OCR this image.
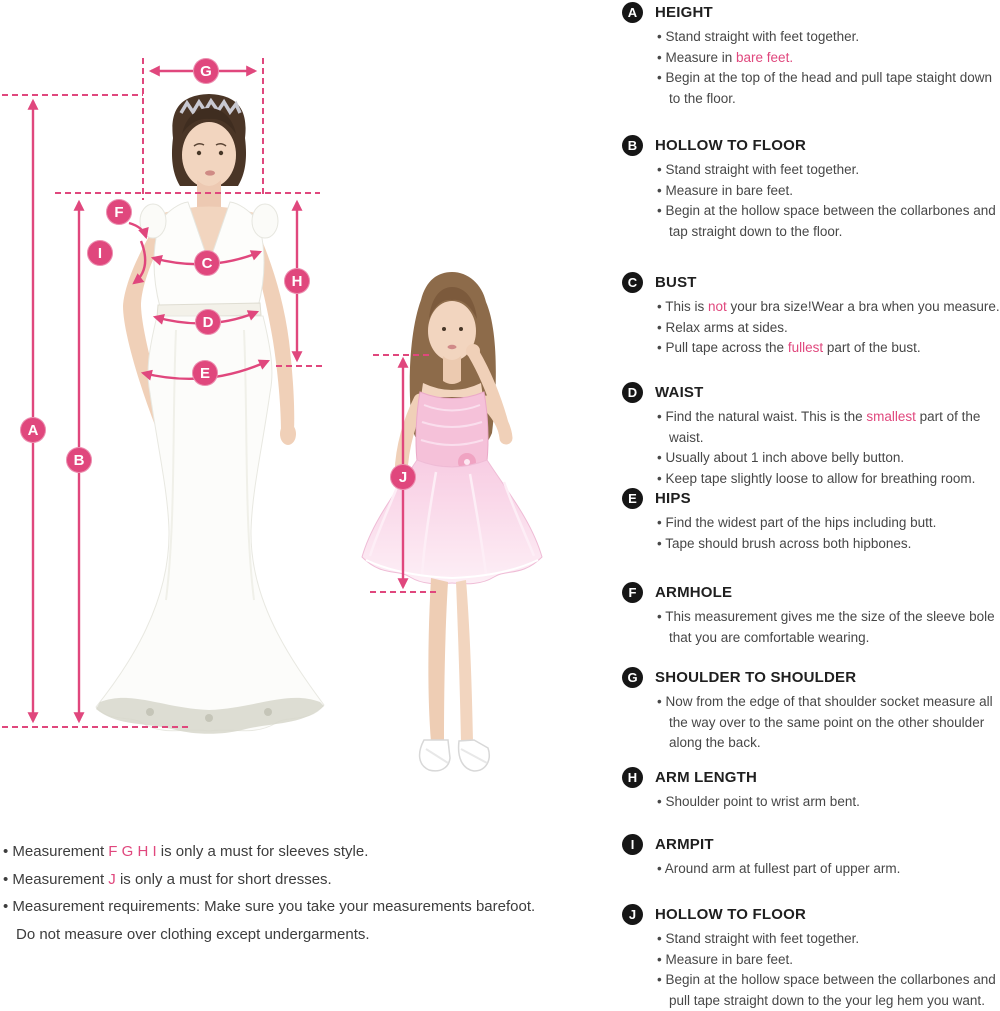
G
F
I
C
H
D
E
A
B
J
• Measurement F G H I is only a must for sleeves style.
• Measurement J is only a must for short dresses.
• Measurement requirements: Make sure you take your measurements barefoot.
Do not measure over clothing except undergarments.
A	HEIGHT
• Stand straight with feet together.
• Measure in bare feet.
• Begin at the top of the head and pull tape staight down to the floor.
B	HOLLOW TO FLOOR
• Stand straight with feet together.
• Measure in bare feet.
• Begin at the hollow space between the collarbones and tap straight down to the floor.
C	BUST
• This is not your bra size!Wear a bra when you measure.
• Relax arms at sides.
• Pull tape across the fullest part of the bust.
D	WAIST
• Find the natural waist. This is the smallest part of the waist.
• Usually about 1 inch above belly button.
• Keep tape slightly loose to allow for breathing room.
E	HIPS
• Find the widest part of the hips including butt.
• Tape should brush across both hipbones.
F	ARMHOLE
• This measurement gives me the size of the sleeve bole that you are comfortable wearing.
G	SHOULDER TO SHOULDER
• Now from the edge of that shoulder socket measure all the way over to the same point on the other shoulder along the back.
H	ARM LENGTH
• Shoulder point to wrist arm bent.
I	ARMPIT
• Around arm at fullest part of upper arm.
J	HOLLOW TO FLOOR
• Stand straight with feet together.
• Measure in bare feet.
• Begin at the hollow space between the collarbones and pull tape straight down to the your leg hem you want.
